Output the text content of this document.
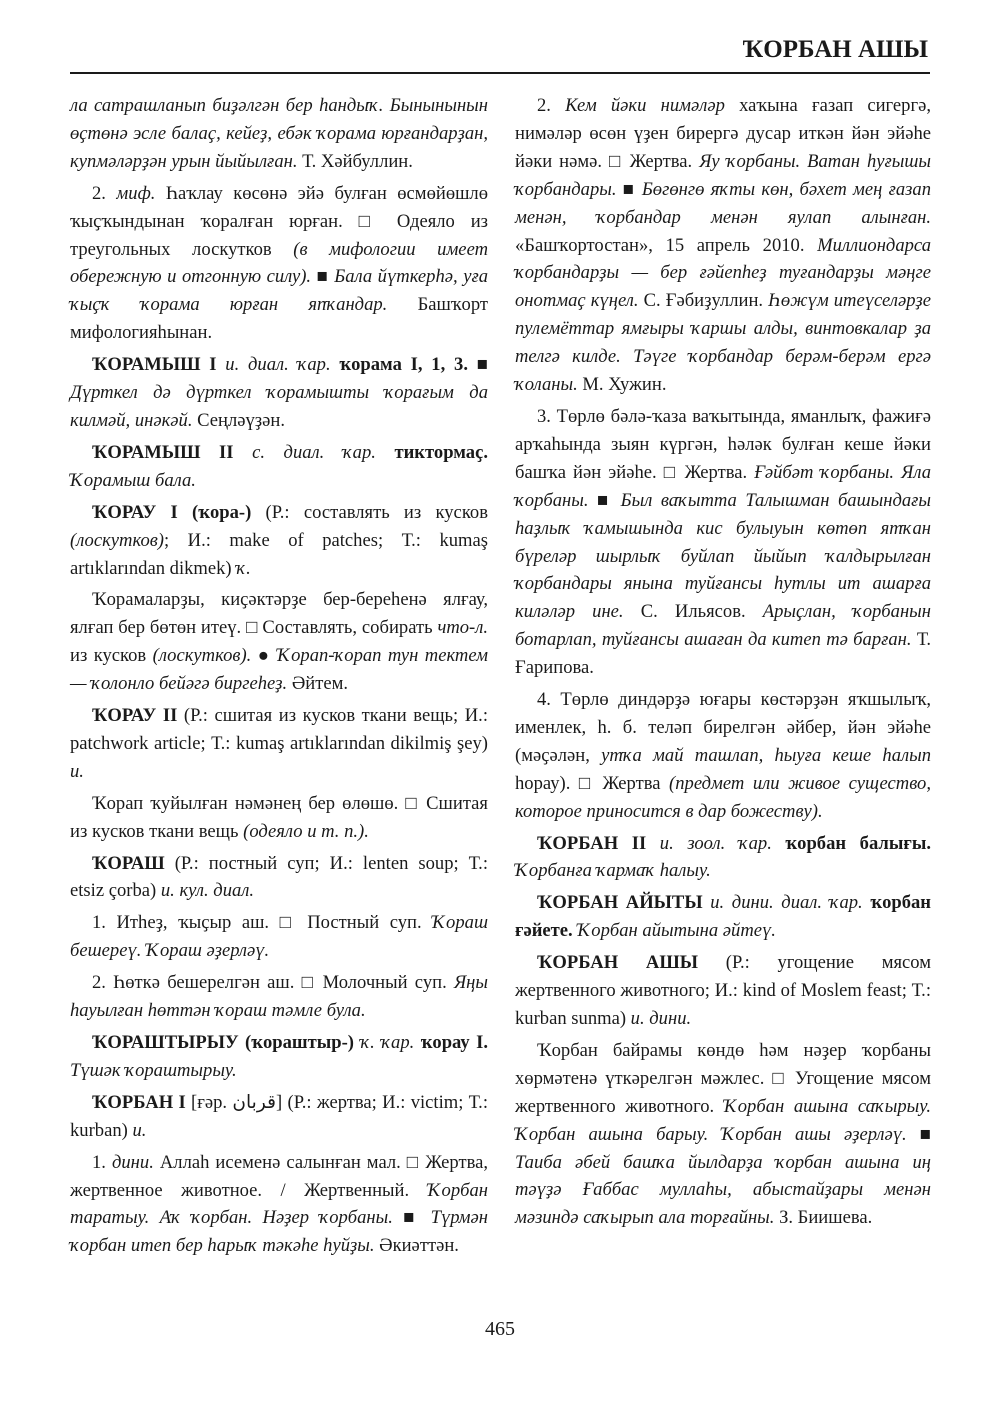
ҠОРБАН АШЫ

ла сатрашланып биҙәлгән бер һандыҡ. Бынынынын өҫтөнә эсле балаҫ, кейеҙ, ебәк ҡорама юрғандарҙан, купмәләрҙән урын йыйылған. Т. Хәйбуллин.

2. миф. Һаҡлау көсөнә эйә булған өсмөйөшлө ҡыҫҡындынан ҡоралған юрған. □ Одеяло из треугольных лоскутков (в мифологии имеет обережную и отгонную силу). ■ Бала йүткерһә, уға ҡыҫҡ ҡорама юрған япҡандар. Башҡорт мифологияһынан.

ҠОРАМЫШ I и. диал. ҡар. ҡорама I, 1, 3. ■ Дүрткел дә дүрткел ҡорамышты ҡорағым да килмәй, инәкәй. Сеңләүҙән.

ҠОРАМЫШ II с. диал. ҡар. тиктормаҫ. Ҡорамыш бала.

ҠОРАУ I (ҡора-) (Р.: составлять из кусков (лоскутков); И.: make of patches; Т.: kumaş artıklarından dikmek) ҡ.

Ҡорамаларҙы, киҫәктәрҙе бер-береһенә ялғау, ялғап бер бөтөн итеү. □ Составлять, собирать что-л. из кусков (лоскутков). ● Ҡорап-ҡорап тун тектем — ҡолонло бейәгә биргеһеҙ. Әйтем.

ҠОРАУ II (Р.: сшитая из кусков ткани вещь; И.: patchwork article; Т.: kumaş artıklarından dikilmiş şey) и.

Ҡорап ҡуйылған нәмәнең бер өлөшө. □ Сшитая из кусков ткани вещь (одеяло и т. п.).

ҠОРАШ (Р.: постный суп; И.: lenten soup; Т.: etsiz çorba) и. кул. диал.

1. Итһеҙ, ҡыҫыр аш. □ Постный суп. Ҡораш бешереү. Ҡораш әҙерләү.

2. Һөткә бешерелгән аш. □ Молочный суп. Яңы һауылған һөттән ҡораш тәмле булa.

ҠОРАШТЫРЫУ (ҡораштыр-) ҡ. ҡар. ҡорау I. Түшәк ҡораштырыу.

ҠОРБАН I [ғәр. قربان] (Р.: жертва; И.: victim; Т.: kurban) и.

1. дини. Аллаһ исеменә салынған мал. □ Жертва, жертвенное животное. / Жертвенный. Ҡорбан таратыу. Аҡ ҡорбан. Нәҙер ҡорбаны. ■ Түрмән ҡорбан итеп бер һарыҡ тәкәһе һуйҙы. Әкиәттән.

2. Кем йәки нимәләр хаҡына ғазап сигергә, нимәләр өсөн үҙен бирергә дусар иткән йән эйәһе йәки нәмә. □ Жертва. Яу ҡорбаны. Ватан һуғышы ҡорбандары. ■ Бөгөнгө яҡты көн, бәхет мең ғазап менән, ҡорбандар менән яулап алынған. «Башҡортостан», 15 апрель 2010. Миллиондарса ҡорбандарҙы — бер ғәйепһеҙ туғандарҙы мәңге онотмаҫ күңел. С. Ғәбиҙуллин. Һөжүм итеүселәрҙе пулемёттар ямғыры ҡаршы алды, винтовкалар ҙа телгә килде. Тәүге ҡорбандар берәм-берәм ергә ҡоланы. М. Хужин.

3. Төрлө бәлә-ҡаза ваҡытында, яманлыҡ, фажиғә арҡаһында зыян күргән, һәләк булған кеше йәки башҡа йән эйәһе. □ Жертва. Ғәйбәт ҡорбаны. Яла ҡорбаны. ■ Был ваҡытта Талышман башындағы һаҙлыҡ ҡамышында кис булыуын көтөп ятҡан бүреләр шырлыҡ буйлап йыйып ҡалдырылған ҡорбандары янына туйғансы һутлы ит ашарға киләләр ине. С. Ильясов. Арыҫлан, ҡорбанын ботарлап, туйғансы ашаған да китеп тә барған. Т. Ғарипова.

4. Төрлө диндәрҙә юғары көстәрҙән яҡшылыҡ, именлек, һ. б. теләп бирелгән әйбер, йән эйәһе (мәҫәлән, утҡа май ташлап, һыуға кеше һалып һорау). □ Жертва (предмет или живое существо, которое приносится в дар божеству).

ҠОРБАН II и. зоол. ҡар. ҡорбан балығы. Ҡорбанға ҡармаҡ һалыу.

ҠОРБАН АЙЫТЫ и. дини. диал. ҡар. ҡорбан ғәйете. Ҡорбан айытына әйтеү.

ҠОРБАН АШЫ (Р.: угощение мясом жертвенного животного; И.: kind of Moslem feast; Т.: kurban sunma) и. дини.

Ҡорбан байрамы көндө һәм нәҙер ҡорбаны хөрмәтенә үткәрелгән мәжлес. □ Угощение мясом жертвенного животного. Ҡорбан ашына саҡырыу. Ҡорбан ашына барыу. Ҡорбан ашы әҙерләү. ■ Таиба әбей башҡа йылдарҙа ҡорбан ашына иң тәүҙә Ғаббас муллаһы, абыстайҙары менән мәзиндә саҡырып ала торғайны. З. Биишева.

465
